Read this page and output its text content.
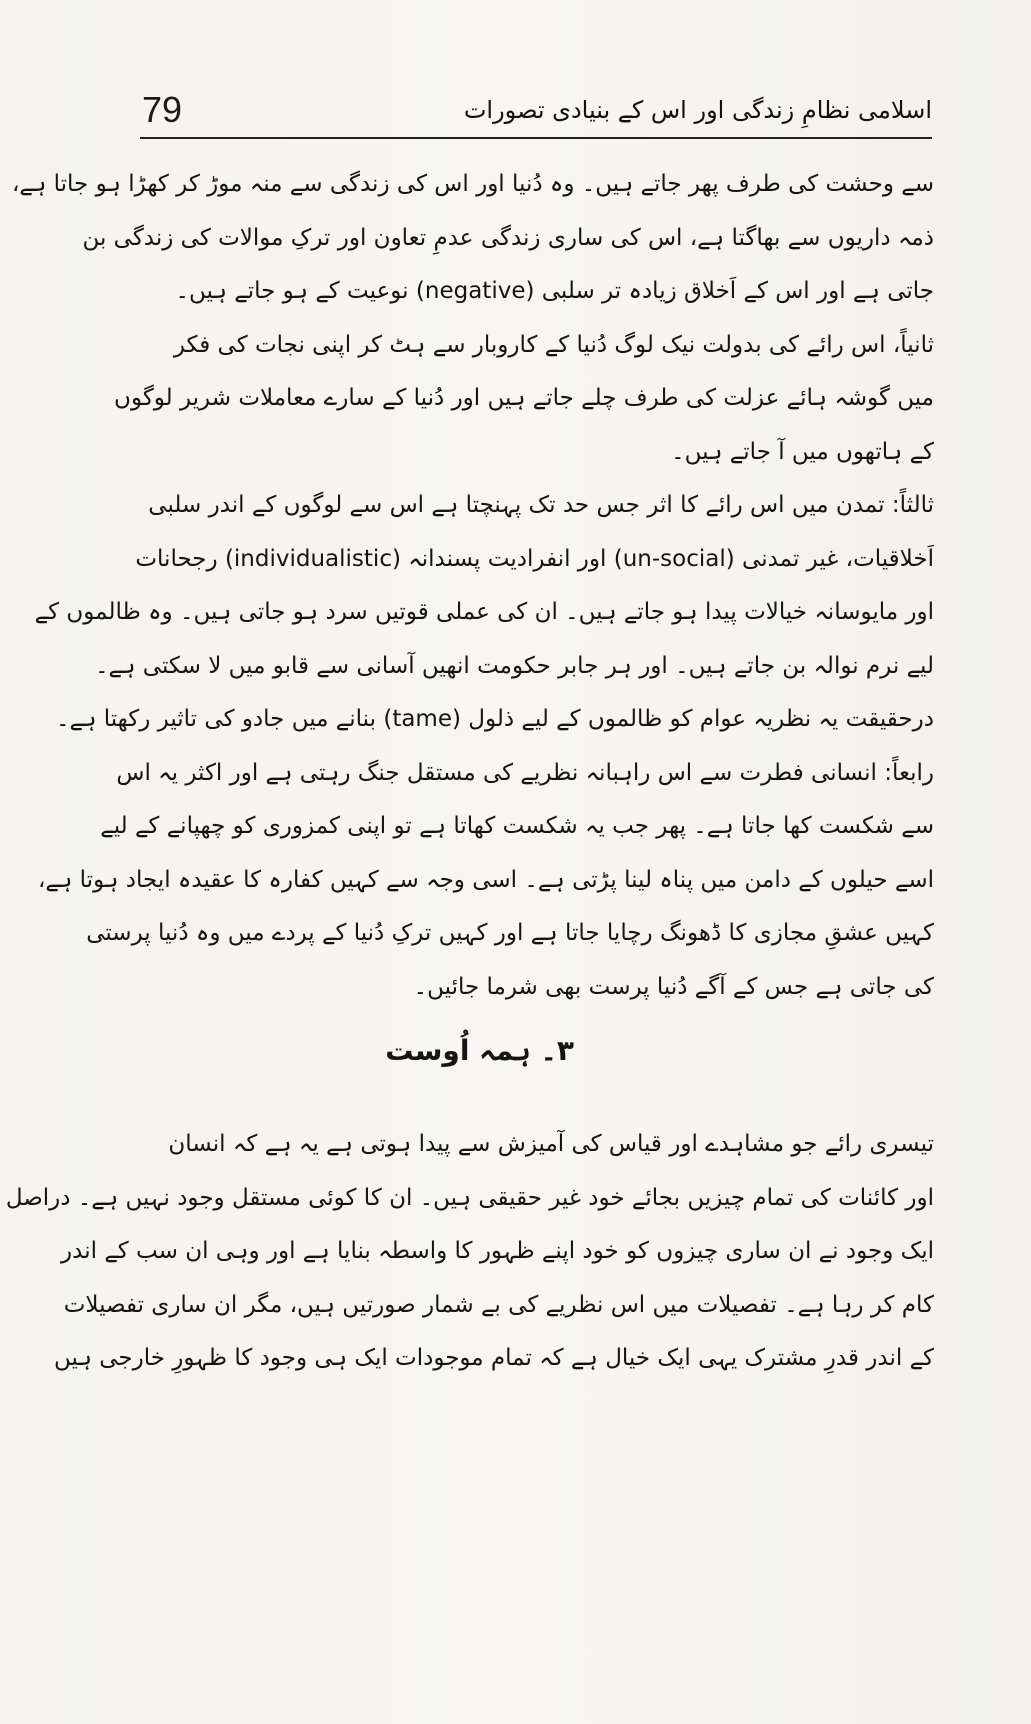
79	اسلامی نظامِ زندگی اور اس کے بنیادی تصورات
سے وحشت کی طرف پھر جاتے ہیں۔ وہ دُنیا اور اس کی زندگی سے منہ موڑ کر کھڑا ہو جاتا ہے،
ذمہ داریوں سے بھاگتا ہے، اس کی ساری زندگی عدمِ تعاون اور ترکِ موالات کی زندگی بن
جاتی ہے اور اس کے اَخلاق زیادہ تر سلبی (negative) نوعیت کے ہو جاتے ہیں۔
ثانیاً، اس رائے کی بدولت نیک لوگ دُنیا کے کاروبار سے ہٹ کر اپنی نجات کی فکر
میں گوشہ ہائے عزلت کی طرف چلے جاتے ہیں اور دُنیا کے سارے معاملات شریر لوگوں
کے ہاتھوں میں آ جاتے ہیں۔
ثالثاً: تمدن میں اس رائے کا اثر جس حد تک پہنچتا ہے اس سے لوگوں کے اندر سلبی
اَخلاقیات، غیر تمدنی (un-social) اور انفرادیت پسندانہ (individualistic) رجحانات
اور مایوسانہ خیالات پیدا ہو جاتے ہیں۔ ان کی عملی قوتیں سرد ہو جاتی ہیں۔ وہ ظالموں کے
لیے نرم نوالہ بن جاتے ہیں۔ اور ہر جابر حکومت انھیں آسانی سے قابو میں لا سکتی ہے۔
درحقیقت یہ نظریہ عوام کو ظالموں کے لیے ذلول (tame) بنانے میں جادو کی تاثیر رکھتا ہے۔
رابعاً: انسانی فطرت سے اس راہبانہ نظریے کی مستقل جنگ رہتی ہے اور اکثر یہ اس
سے شکست کھا جاتا ہے۔ پھر جب یہ شکست کھاتا ہے تو اپنی کمزوری کو چھپانے کے لیے
اسے حیلوں کے دامن میں پناہ لینا پڑتی ہے۔ اسی وجہ سے کہیں کفارہ کا عقیدہ ایجاد ہوتا ہے،
کہیں عشقِ مجازی کا ڈھونگ رچایا جاتا ہے اور کہیں ترکِ دُنیا کے پردے میں وہ دُنیا پرستی
کی جاتی ہے جس کے آگے دُنیا پرست بھی شرما جائیں۔
۳۔ ہمہ اُوست
تیسری رائے جو مشاہدے اور قیاس کی آمیزش سے پیدا ہوتی ہے یہ ہے کہ انسان
اور کائنات کی تمام چیزیں بجائے خود غیر حقیقی ہیں۔ ان کا کوئی مستقل وجود نہیں ہے۔ دراصل
ایک وجود نے ان ساری چیزوں کو خود اپنے ظہور کا واسطہ بنایا ہے اور وہی ان سب کے اندر
کام کر رہا ہے۔ تفصیلات میں اس نظریے کی بے شمار صورتیں ہیں، مگر ان ساری تفصیلات
کے اندر قدرِ مشترک یہی ایک خیال ہے کہ تمام موجودات ایک ہی وجود کا ظہورِ خارجی ہیں
